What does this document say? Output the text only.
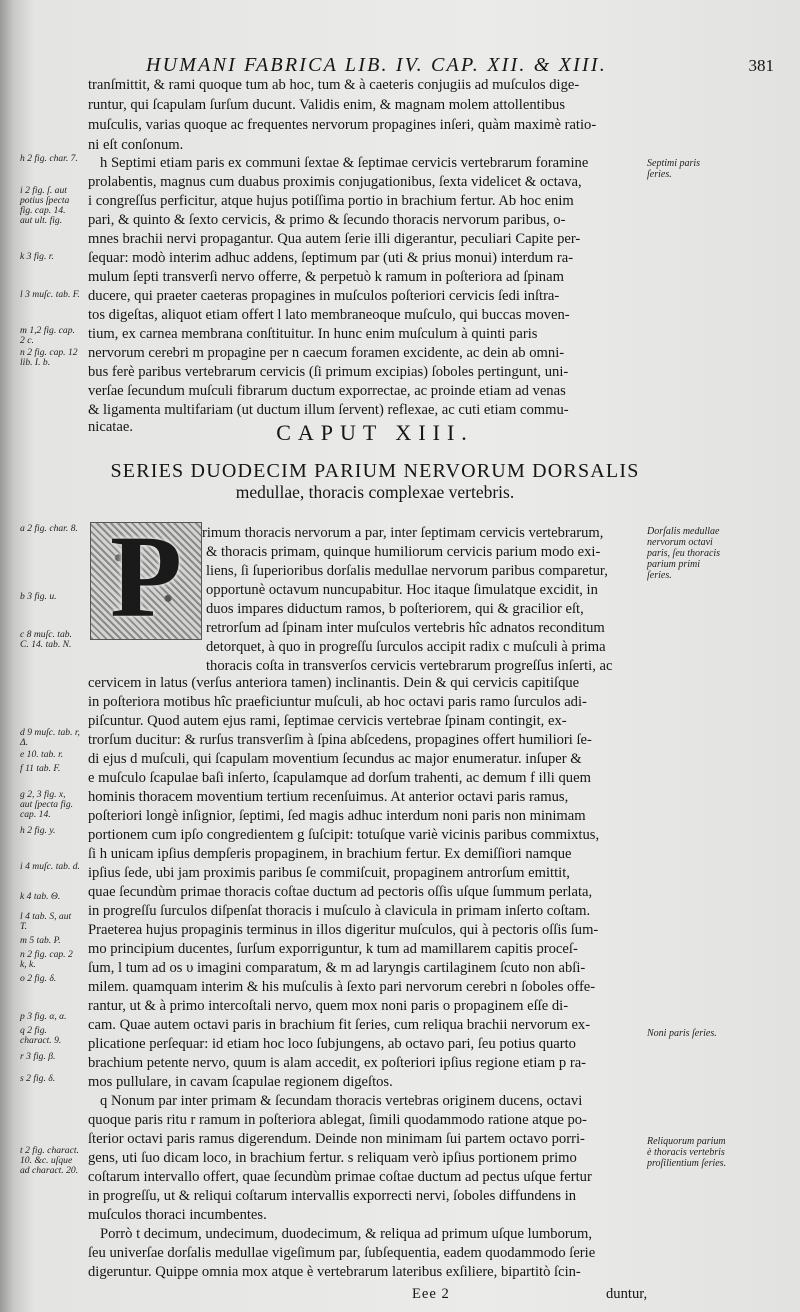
HUMANI FABRICA LIB. IV. CAP. XII. & XIII.	381
tranſmittit, & rami quoque tum ab hoc, tum & à caeteris conjugiis ad muſculos dige-
runtur, qui ſcapulam ſurſum ducunt. Validis enim, & magnam molem attollentibus
muſculis, varias quoque ac frequentes nervorum propagines inſeri, quàm maximè ratio-
ni eſt conſonum.
h Septimi etiam paris ex communi ſextae & ſeptimae cervicis vertebrarum foramine
prolabentis, magnus cum duabus proximis conjugationibus, ſexta videlicet & octava,
i congreſſus perficitur, atque hujus potiſſima portio in brachium fertur. Ab hoc enim
pari, & quinto & ſexto cervicis, & primo & ſecundo thoracis nervorum paribus, o-
mnes brachii nervi propagantur. Qua autem ſerie illi digerantur, peculiari Capite per-
ſequar: modò interim adhuc addens, ſeptimum par (uti & prius monui) interdum ra-
mulum ſepti transverſi nervo offerre, & perpetuò k ramum in poſteriora ad ſpinam
ducere, qui praeter caeteras propagines in muſculos poſteriori cervicis ſedi inſtra-
tos digeſtas, aliquot etiam offert l lato membraneoque muſculo, qui buccas moven-
tium, ex carnea membrana conſtituitur. In hunc enim muſculum à quinti paris
nervorum cerebri m propagine per n caecum foramen excidente, ac dein ab omni-
bus ferè paribus vertebrarum cervicis (ſi primum excipias) ſoboles pertingunt, uni-
verſae ſecundum muſculi fibrarum ductum exporrectae, ac proinde etiam ad venas
& ligamenta multifariam (ut ductum illum ſervent) reflexae, ac cuti etiam commu-
nicatae.	CAPUT XIII.
SERIES DUODECIM PARIUM NERVORUM DORSALIS
medullae, thoracis complexae vertebris.
P	rimum thoracis nervorum a par, inter ſeptimam cervicis vertebrarum,
& thoracis primam, quinque humiliorum cervicis parium modo exi-
liens, ſi ſuperioribus dorſalis medullae nervorum paribus comparetur,
opportunè octavum nuncupabitur. Hoc itaque ſimulatque excidit, in
duos impares diductum ramos, b poſteriorem, qui & gracilior eſt,
retrorſum ad ſpinam inter muſculos vertebris hîc adnatos reconditum
detorquet, à quo in progreſſu ſurculos accipit radix c muſculi à prima
thoracis coſta in transverſos cervicis vertebrarum progreſſus inſerti, ac
cervicem in latus (verſus anteriora tamen) inclinantis. Dein & qui cervicis capitiſque
in poſteriora motibus hîc praeficiuntur muſculi, ab hoc octavi paris ramo ſurculos adi-
piſcuntur. Quod autem ejus rami, ſeptimae cervicis vertebrae ſpinam contingit, ex-
trorſum ducitur: & rurſus transverſim à ſpina abſcedens, propagines offert humiliori ſe-
di ejus d muſculi, qui ſcapulam moventium ſecundus ac major enumeratur. inſuper &
e muſculo ſcapulae baſi inſerto, ſcapulamque ad dorſum trahenti, ac demum f illi quem
hominis thoracem moventium tertium recenſuimus. At anterior octavi paris ramus,
poſteriori longè inſignior, ſeptimi, ſed magis adhuc interdum noni paris non minimam
portionem cum ipſo congredientem g ſuſcipit: totuſque variè vicinis paribus commixtus,
ſi h unicam ipſius dempſeris propaginem, in brachium fertur. Ex demiſſiori namque
ipſius ſede, ubi jam proximis paribus ſe commiſcuit, propaginem antrorſum emittit,
quae ſecundùm primae thoracis coſtae ductum ad pectoris oſſis uſque ſummum perlata,
in progreſſu ſurculos diſpenſat thoracis i muſculo à clavicula in primam inſerto coſtam.
Praeterea hujus propaginis terminus in illos digeritur muſculos, qui à pectoris oſſis ſum-
mo principium ducentes, ſurſum exporriguntur, k tum ad mamillarem capitis proceſ-
ſum, l tum ad os υ imagini comparatum, & m ad laryngis cartilaginem ſcuto non abſi-
milem. quamquam interim & his muſculis à ſexto pari nervorum cerebri n ſoboles offe-
rantur, ut & à primo intercoſtali nervo, quem mox noni paris o propaginem eſſe di-
cam. Quae autem octavi paris in brachium fit ſeries, cum reliqua brachii nervorum ex-
plicatione perſequar: id etiam hoc loco ſubjungens, ab octavo pari, ſeu potius quarto
brachium petente nervo, quum is alam accedit, ex poſteriori ipſius regione etiam p ra-
mos pullulare, in cavam ſcapulae regionem digeſtos.
q Nonum par inter primam & ſecundam thoracis vertebras originem ducens, octavi
quoque paris ritu r ramum in poſteriora ablegat, ſimili quodammodo ratione atque po-
ſterior octavi paris ramus digerendum. Deinde non minimam ſui partem octavo porri-
gens, uti ſuo dicam loco, in brachium fertur. s reliquam verò ipſius portionem primo
coſtarum intervallo offert, quae ſecundùm primae coſtae ductum ad pectus uſque fertur
in progreſſu, ut & reliqui coſtarum intervallis exporrecti nervi, ſoboles diffundens in
muſculos thoraci incumbentes.
Porrò t decimum, undecimum, duodecimum, & reliqua ad primum uſque lumborum,
ſeu univerſae dorſalis medullae vigeſimum par, ſubſequentia, eadem quodammodo ſerie
digeruntur. Quippe omnia mox atque è vertebrarum lateribus exſiliere, bipartitò ſcin-
Eee 2	duntur,
h 2 fig. char. 7.
i 2 fig. ſ. aut potius ſpecta fig. cap. 14. aut ult. fig.
k 3 fig. r.
l 3 muſc. tab. F.
m 1,2 fig. cap. 2 c.
n 2 fig. cap. 12 lib. I. b.
a 2 fig. char. 8.
b 3 fig. u.
c 8 muſc. tab. C. 14. tab. N.
d 9 muſc. tab. r, Δ.
e 10. tab. r.
f 11 tab. F.
g 2, 3 fig. x, aut ſpecta fig. cap. 14.
h 2 fig. y.
i 4 muſc. tab. d.
k 4 tab. Θ.
l 4 tab. S, aut T.
m 5 tab. P.
n 2 fig. cap. 2 k, k.
o 2 fig. δ.
p 3 fig. α, α.
q 2 fig. charact. 9.
r 3 fig. β.
s 2 fig. δ.
t 2 fig. charact. 10. &c. uſque ad charact. 20.
Septimi paris ſeries.
Dorſalis medullae nervorum octavi paris, ſeu thoracis parium primi ſeries.
Noni paris ſeries.
Reliquorum parium è thoracis vertebris proſilientium ſeries.
